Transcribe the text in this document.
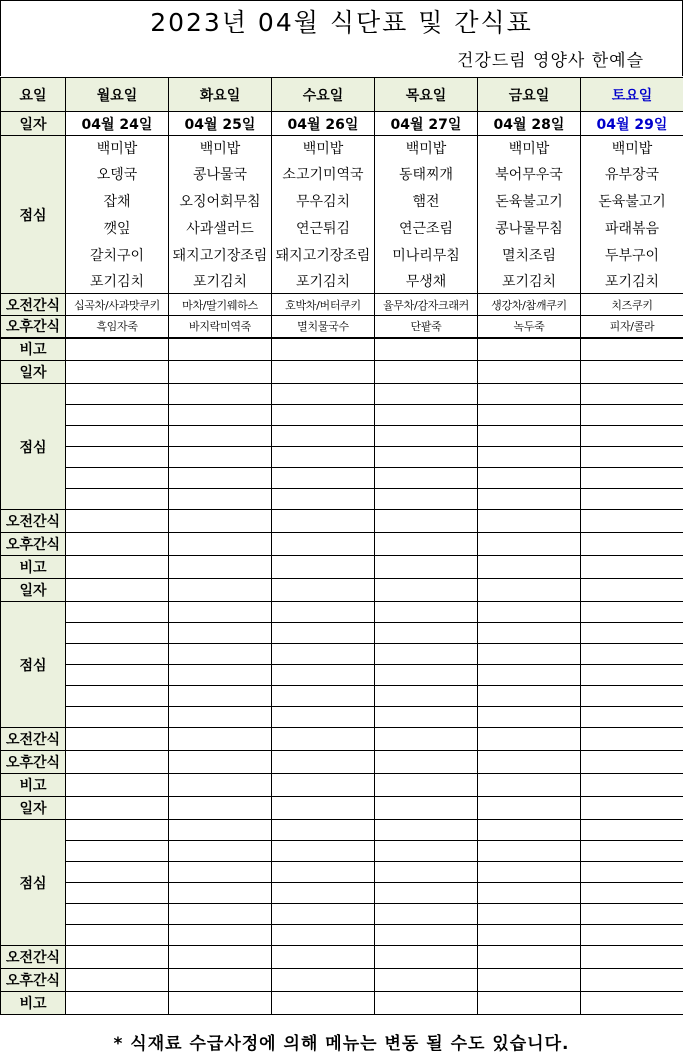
2023년 04월 식단표 및 간식표
건강드림 영양사 한예슬
요일	월요일	화요일	수요일	목요일	금요일	토요일
일자	04월 24일	04월 25일	04월 26일	04월 27일	04월 28일	04월 29일
점심	백미밥	백미밥	백미밥	백미밥	백미밥	백미밥
	오뎅국	콩나물국	소고기미역국	동태찌개	북어무우국	유부장국
	잡채	오징어회무침	무우김치	햄전	돈육불고기	돈육불고기
	깻잎	사과샐러드	연근튀김	연근조림	콩나물무침	파래볶음
	갈치구이	돼지고기장조림	돼지고기장조림	미나리무침	멸치조림	두부구이
	포기김치	포기김치	포기김치	무생채	포기김치	포기김치
오전간식	십곡차/사과맛쿠키	마차/딸기웨하스	호박차/버터쿠키	율무차/감자크래커	생강차/참깨쿠키	치즈쿠키
오후간식	흑임자죽	바지락미역죽	멸치물국수	단팥죽	녹두죽	피자/콜라
비고						
일자						
점심						

오전간식						
오후간식						
비고						
일자						
점심						

오전간식						
오후간식						
비고						
일자						
점심						

오전간식						
오후간식						
비고						
* 식재료 수급사정에 의해 메뉴는 변동 될 수도 있습니다.
